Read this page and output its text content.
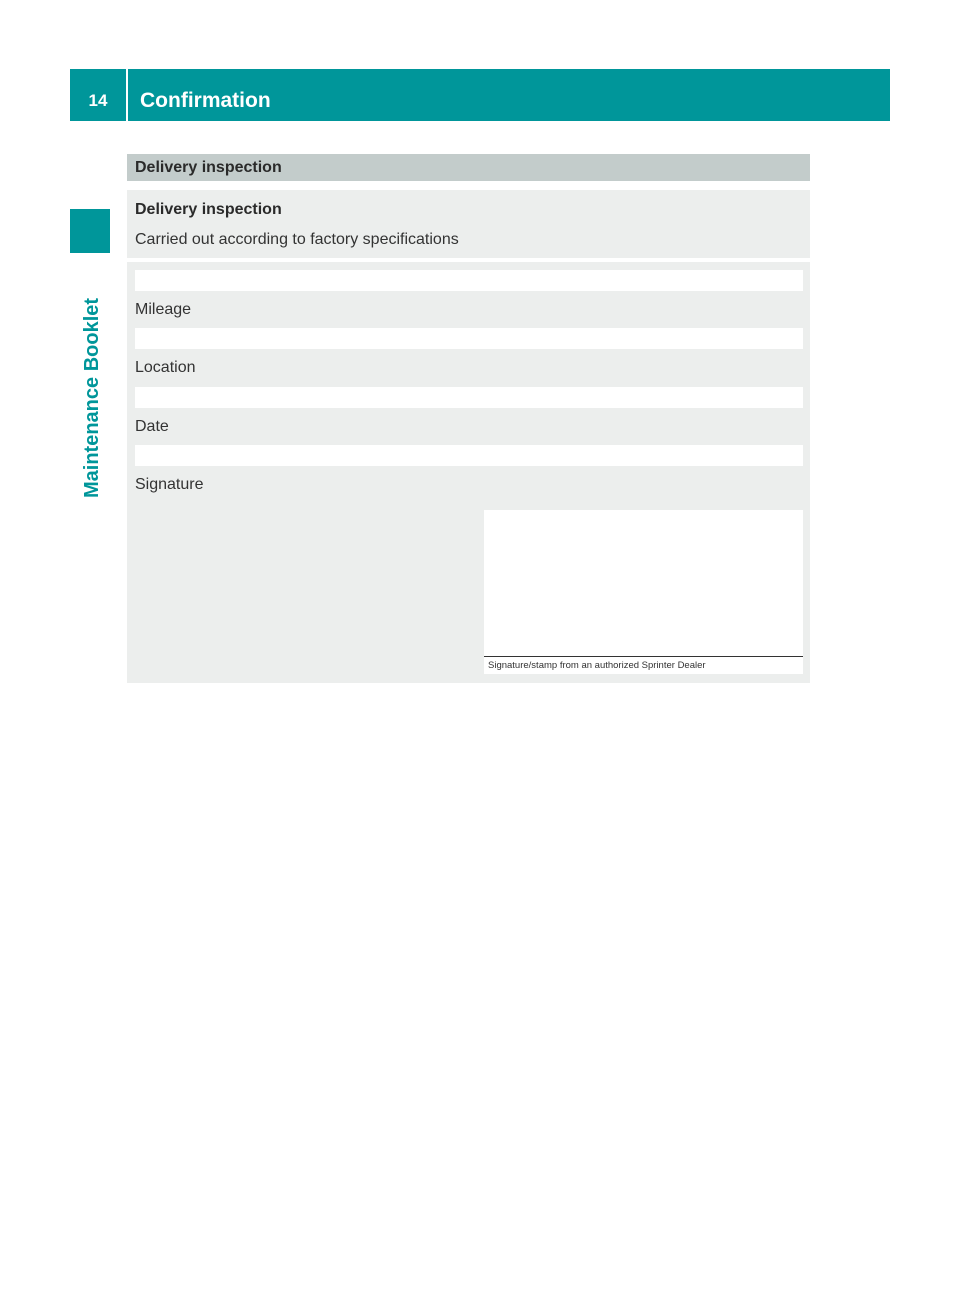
14	Confirmation
Maintenance Booklet
Delivery inspection
Delivery inspection
Carried out according to factory specifications
Mileage
Location
Date
Signature
Signature/stamp from an authorized Sprinter Dealer
